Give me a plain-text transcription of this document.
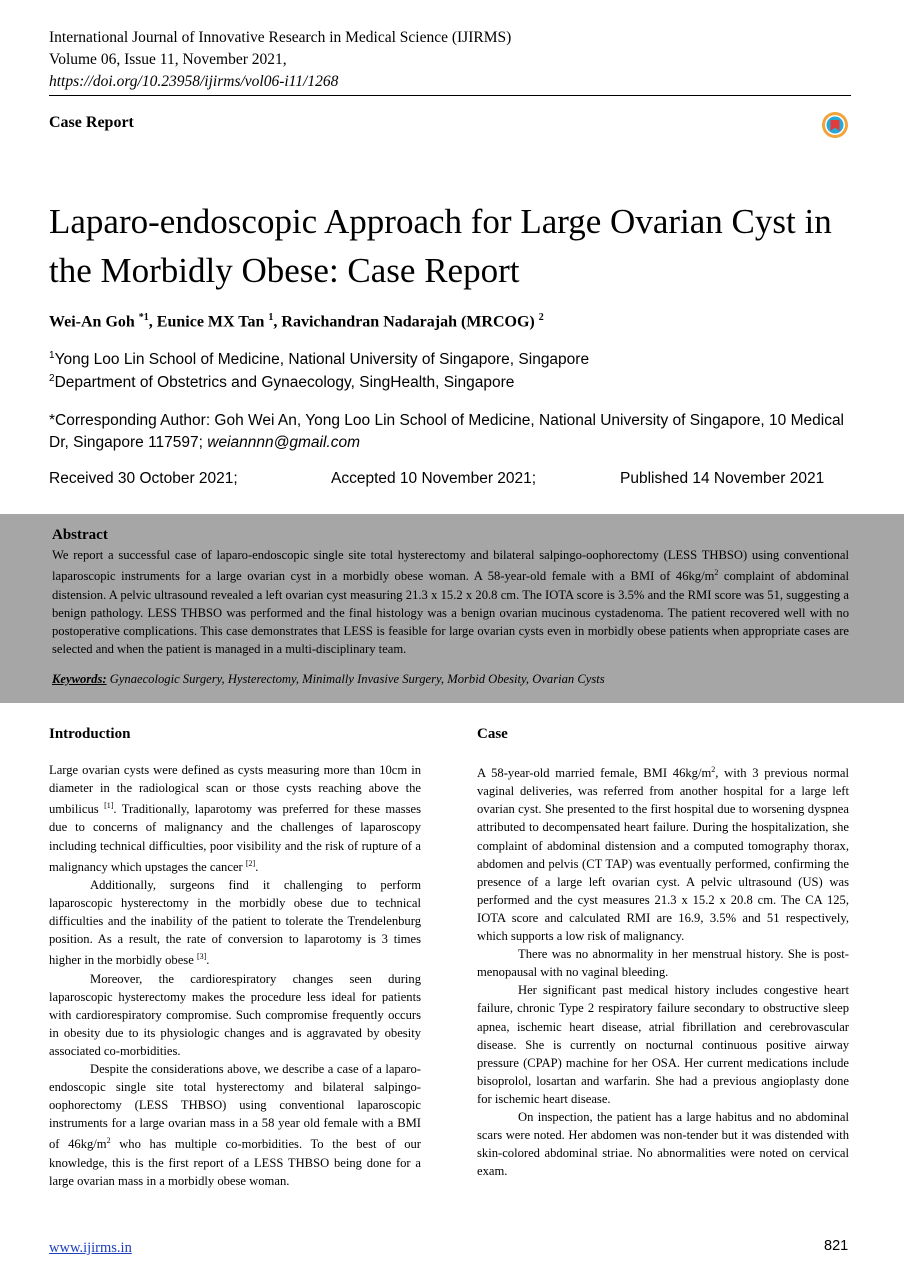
International Journal of Innovative Research in Medical Science (IJIRMS)
Volume 06, Issue 11, November 2021,
https://doi.org/10.23958/ijirms/vol06-i11/1268
Case Report
Laparo-endoscopic Approach for Large Ovarian Cyst in the Morbidly Obese: Case Report
Wei-An Goh $^{*1}$, Eunice MX Tan $^1$, Ravichandran Nadarajah (MRCOG) $^2$
$^1$Yong Loo Lin School of Medicine, National University of Singapore, Singapore
$^2$Department of Obstetrics and Gynaecology, SingHealth, Singapore
*Corresponding Author: Goh Wei An, Yong Loo Lin School of Medicine, National University of Singapore, 10 Medical Dr, Singapore 117597; weiannnn@gmail.com
Received 30 October 2021;	Accepted 10 November 2021;	Published 14 November 2021
Abstract
We report a successful case of laparo-endoscopic single site total hysterectomy and bilateral salpingo-oophorectomy (LESS THBSO) using conventional laparoscopic instruments for a large ovarian cyst in a morbidly obese woman. A 58-year-old female with a BMI of $46kg/m^2$ complaint of abdominal distension. A pelvic ultrasound revealed a left ovarian cyst measuring 21.3 x 15.2 x 20.8 cm. The IOTA score is 3.5% and the RMI score was 51, suggesting a benign pathology. LESS THBSO was performed and the final histology was a benign ovarian mucinous cystadenoma. The patient recovered well with no postoperative complications. This case demonstrates that LESS is feasible for large ovarian cysts even in morbidly obese patients when appropriate cases are selected and when the patient is managed in a multi-disciplinary team.
Keywords: Gynaecologic Surgery, Hysterectomy, Minimally Invasive Surgery, Morbid Obesity, Ovarian Cysts
Introduction

Large ovarian cysts were defined as cysts measuring more than 10cm in diameter in the radiological scan or those cysts reaching above the umbilicus [1]. Traditionally, laparotomy was preferred for these masses due to concerns of malignancy and the challenges of laparoscopy including technical difficulties, poor visibility and the risk of rupture of a malignancy which upstages the cancer [2].

Additionally, surgeons find it challenging to perform laparoscopic hysterectomy in the morbidly obese due to technical difficulties and the inability of the patient to tolerate the Trendelenburg position. As a result, the rate of conversion to laparotomy is 3 times higher in the morbidly obese [3].

Moreover, the cardiorespiratory changes seen during laparoscopic hysterectomy makes the procedure less ideal for patients with cardiorespiratory compromise. Such compromise frequently occurs in obesity due to its physiologic changes and is aggravated by obesity associated co-morbidities.

Despite the considerations above, we describe a case of a laparo-endoscopic single site total hysterectomy and bilateral salpingo-oophorectomy (LESS THBSO) using conventional laparoscopic instruments for a large ovarian mass in a 58 year old female with a BMI of $46kg/m^2$ who has multiple co-morbidities. To the best of our knowledge, this is the first report of a LESS THBSO being done for a large ovarian mass in a morbidly obese woman.

Case

A 58-year-old married female, BMI $46kg/m^2$, with 3 previous normal vaginal deliveries, was referred from another hospital for a large left ovarian cyst. She presented to the first hospital due to worsening dyspnea attributed to decompensated heart failure. During the hospitalization, she complaint of abdominal distension and a computed tomography thorax, abdomen and pelvis (CT TAP) was eventually performed, confirming the presence of a large left ovarian cyst. A pelvic ultrasound (US) was performed and the cyst measures 21.3 x 15.2 x 20.8 cm. The CA 125, IOTA score and calculated RMI are 16.9, 3.5% and 51 respectively, which supports a low risk of malignancy.

There was no abnormality in her menstrual history. She is post-menopausal with no vaginal bleeding.

Her significant past medical history includes congestive heart failure, chronic Type 2 respiratory failure secondary to obstructive sleep apnea, ischemic heart disease, atrial fibrillation and cerebrovascular disease. She is currently on nocturnal continuous positive airway pressure (CPAP) machine for her OSA. Her current medications include bisoprolol, losartan and warfarin. She had a previous angioplasty done for ischemic heart disease.

On inspection, the patient has a large habitus and no abdominal scars were noted. Her abdomen was non-tender but it was distended with skin-colored abdominal striae. No abnormalities were noted on cervical exam.

www.ijirms.in	821
